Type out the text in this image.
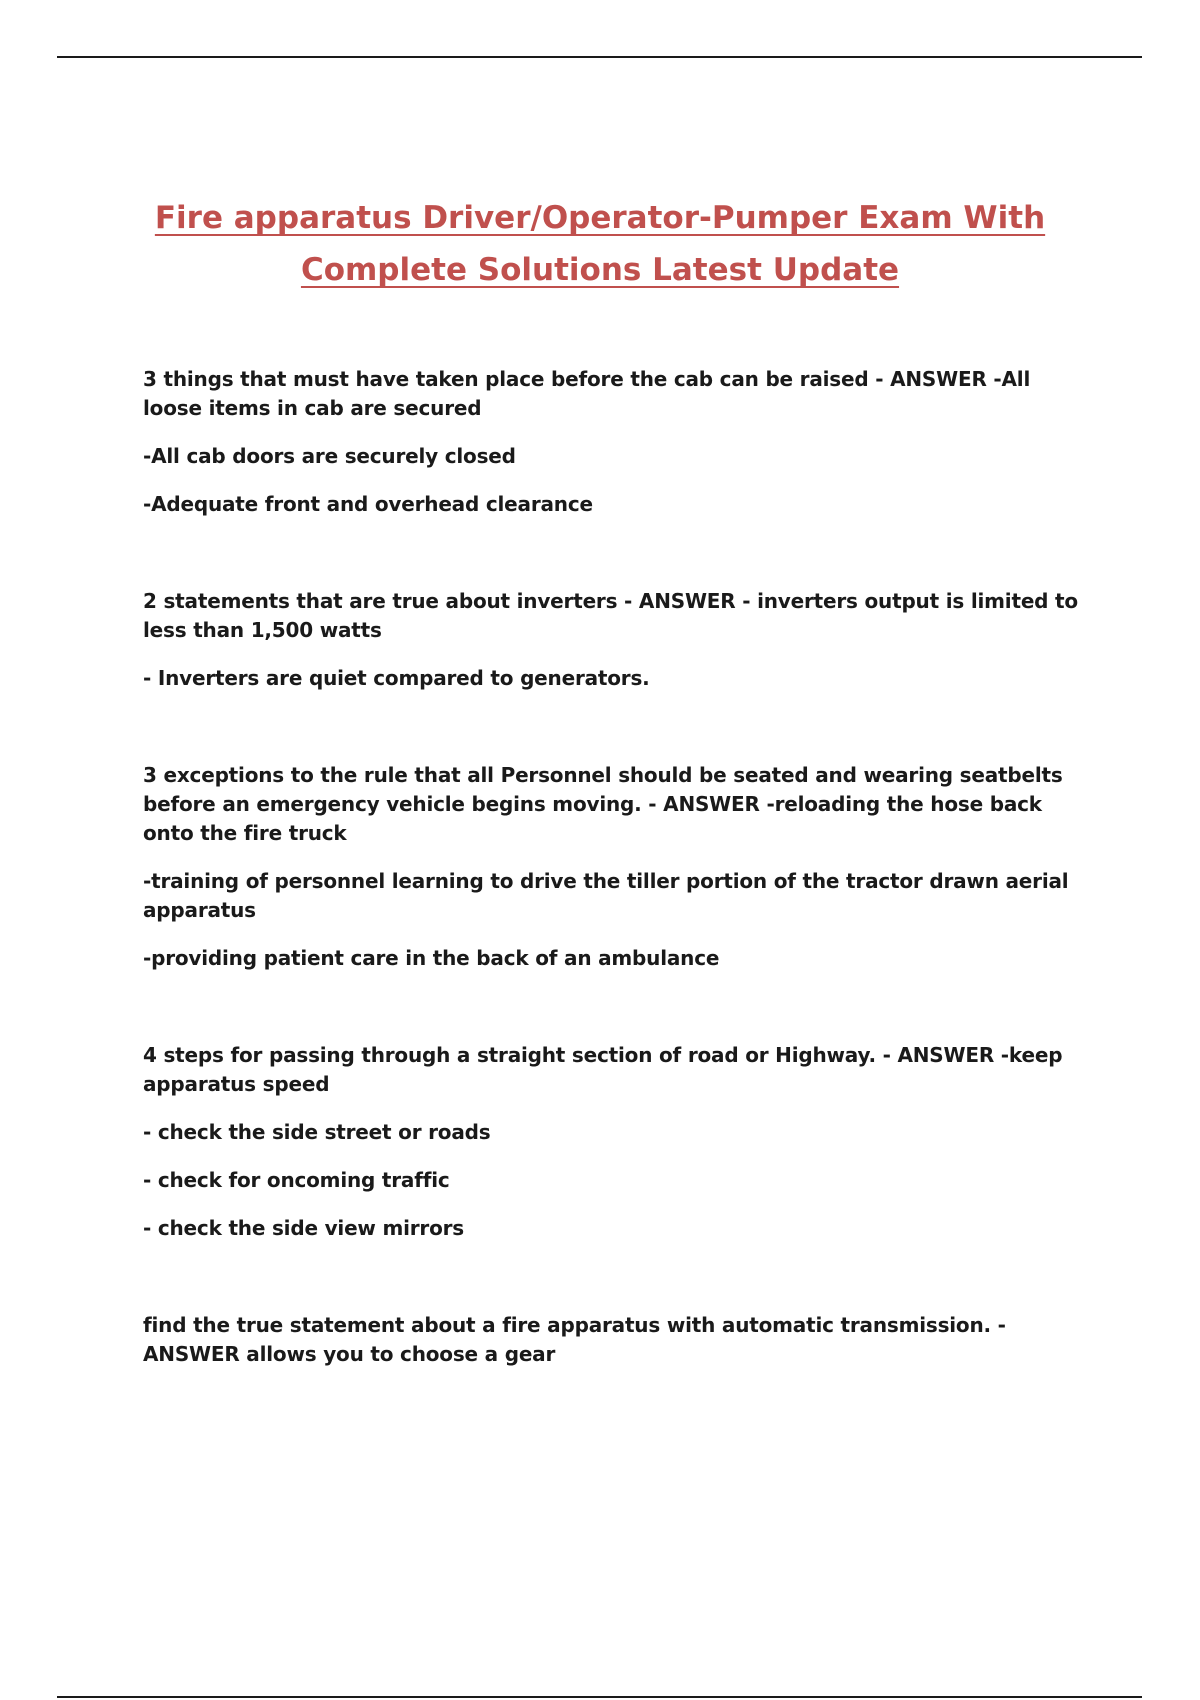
Fire apparatus Driver/Operator-Pumper Exam With
Complete Solutions Latest Update

3 things that must have taken place before the cab can be raised - ANSWER -All loose items in cab are secured

-All cab doors are securely closed

-Adequate front and overhead clearance

2 statements that are true about inverters - ANSWER - inverters output is limited to less than 1,500 watts

- Inverters are quiet compared to generators.

3 exceptions to the rule that all Personnel should be seated and wearing seatbelts before an emergency vehicle begins moving. - ANSWER -reloading the hose back onto the fire truck

-training of personnel learning to drive the tiller portion of the tractor drawn aerial apparatus

-providing patient care in the back of an ambulance

4 steps for passing through a straight section of road or Highway. - ANSWER -keep apparatus speed

- check the side street or roads

- check for oncoming traffic

- check the side view mirrors

find the true statement about a fire apparatus with automatic transmission. - ANSWER allows you to choose a gear
